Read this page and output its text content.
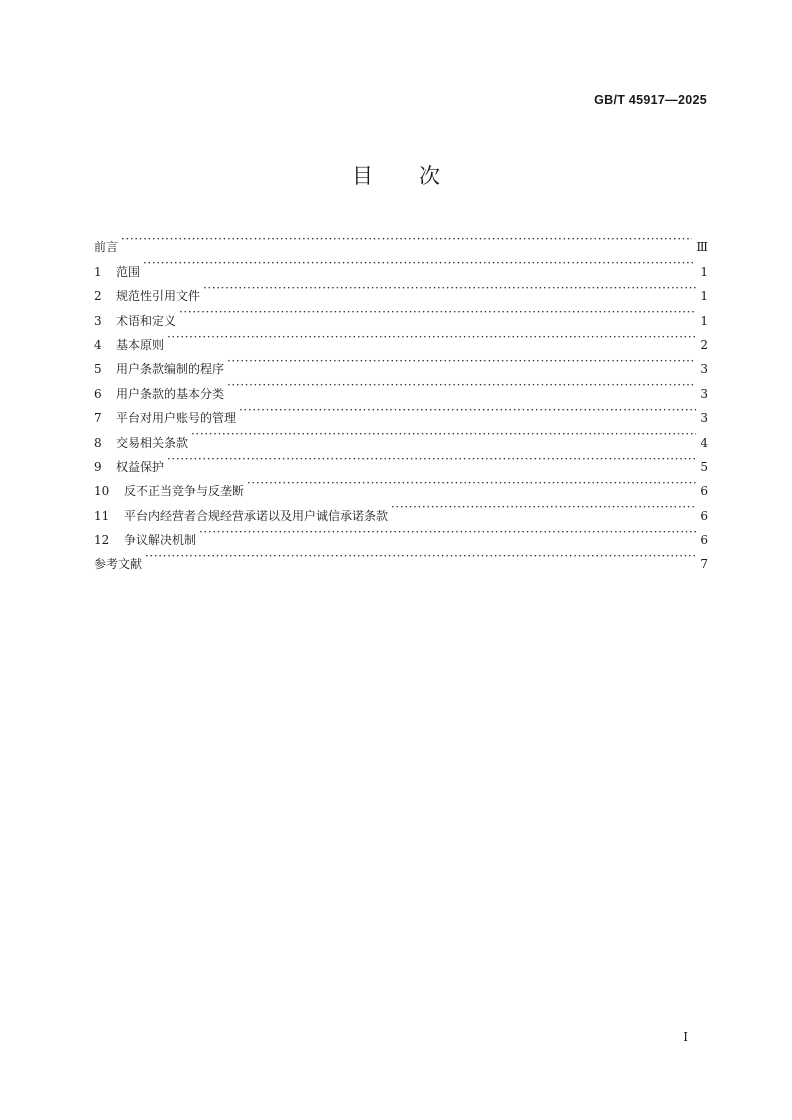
GB/T 45917—2025
目 次
前言 ·····	Ⅲ
1	范围 ·····	1
2	规范性引用文件 ·····	1
3	术语和定义 ·····	1
4	基本原则 ·····	2
5	用户条款编制的程序 ·····	3
6	用户条款的基本分类 ·····	3
7	平台对用户账号的管理 ·····	3
8	交易相关条款 ·····	4
9	权益保护 ·····	5
10	反不正当竞争与反垄断 ·····	6
11	平台内经营者合规经营承诺以及用户诚信承诺条款 ·····	6
12	争议解决机制 ·····	6
参考文献 ·····	7
I
